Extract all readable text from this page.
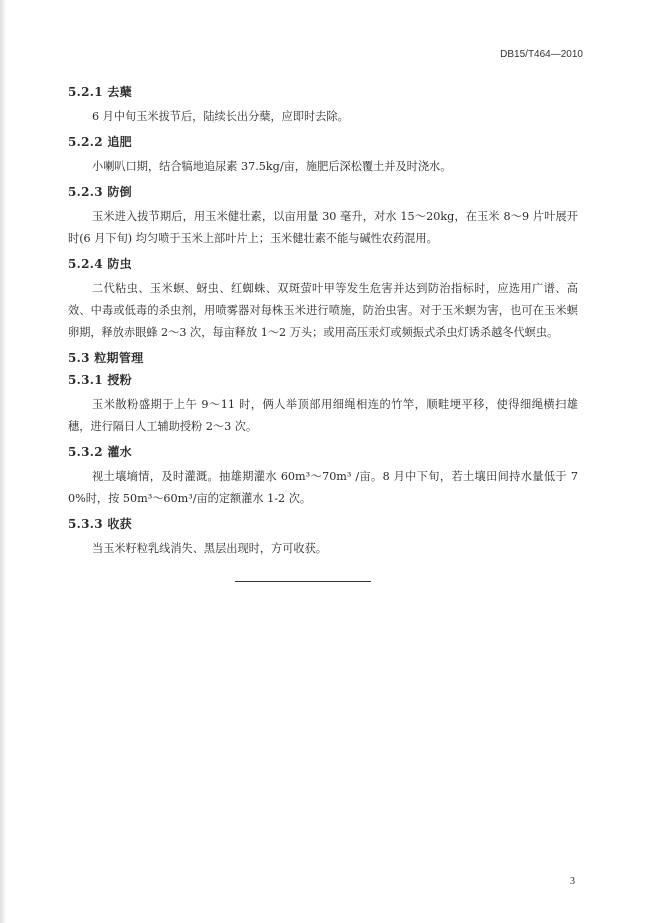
DB15/T464—2010
5.2.1 去蘖
6 月中旬玉米拔节后，陆续长出分蘖，应即时去除。
5.2.2 追肥
小喇叭口期，结合犒地追尿素 37.5kg/亩，施肥后深松覆土并及时浇水。
5.2.3 防倒
玉米进入拔节期后，用玉米健壮素，以亩用量 30 毫升，对水 15～20kg，在玉米 8～9 片叶展开时(6 月下旬) 均匀喷于玉米上部叶片上；玉米健壮素不能与碱性农药混用。
5.2.4 防虫
二代粘虫、玉米螟、蚜虫、红蜘蛛、双斑萤叶甲等发生危害并达到防治指标时，应选用广谱、高效、中毒或低毒的杀虫剂，用喷雾器对每株玉米进行喷施，防治虫害。对于玉米螟为害，也可在玉米螟卵期，释放赤眼蜂 2～3 次，每亩释放 1～2 万头；或用高压汞灯或频振式杀虫灯诱杀越冬代螟虫。
5.3 粒期管理
5.3.1 授粉
玉米散粉盛期于上午 9～11 时，俩人举顶部用细绳相连的竹竿，顺畦埂平移，使得细绳横扫雄穗，进行隔日人工辅助授粉 2～3 次。
5.3.2 灌水
视土壤墒情，及时灌溉。抽雄期灌水 60m³～70m³ /亩。8 月中下旬，若土壤田间持水量低于 70%时，按 50m³～60m³/亩的定额灌水 1-2 次。
5.3.3 收获
当玉米籽粒乳线消失、黑层出现时，方可收获。
3
